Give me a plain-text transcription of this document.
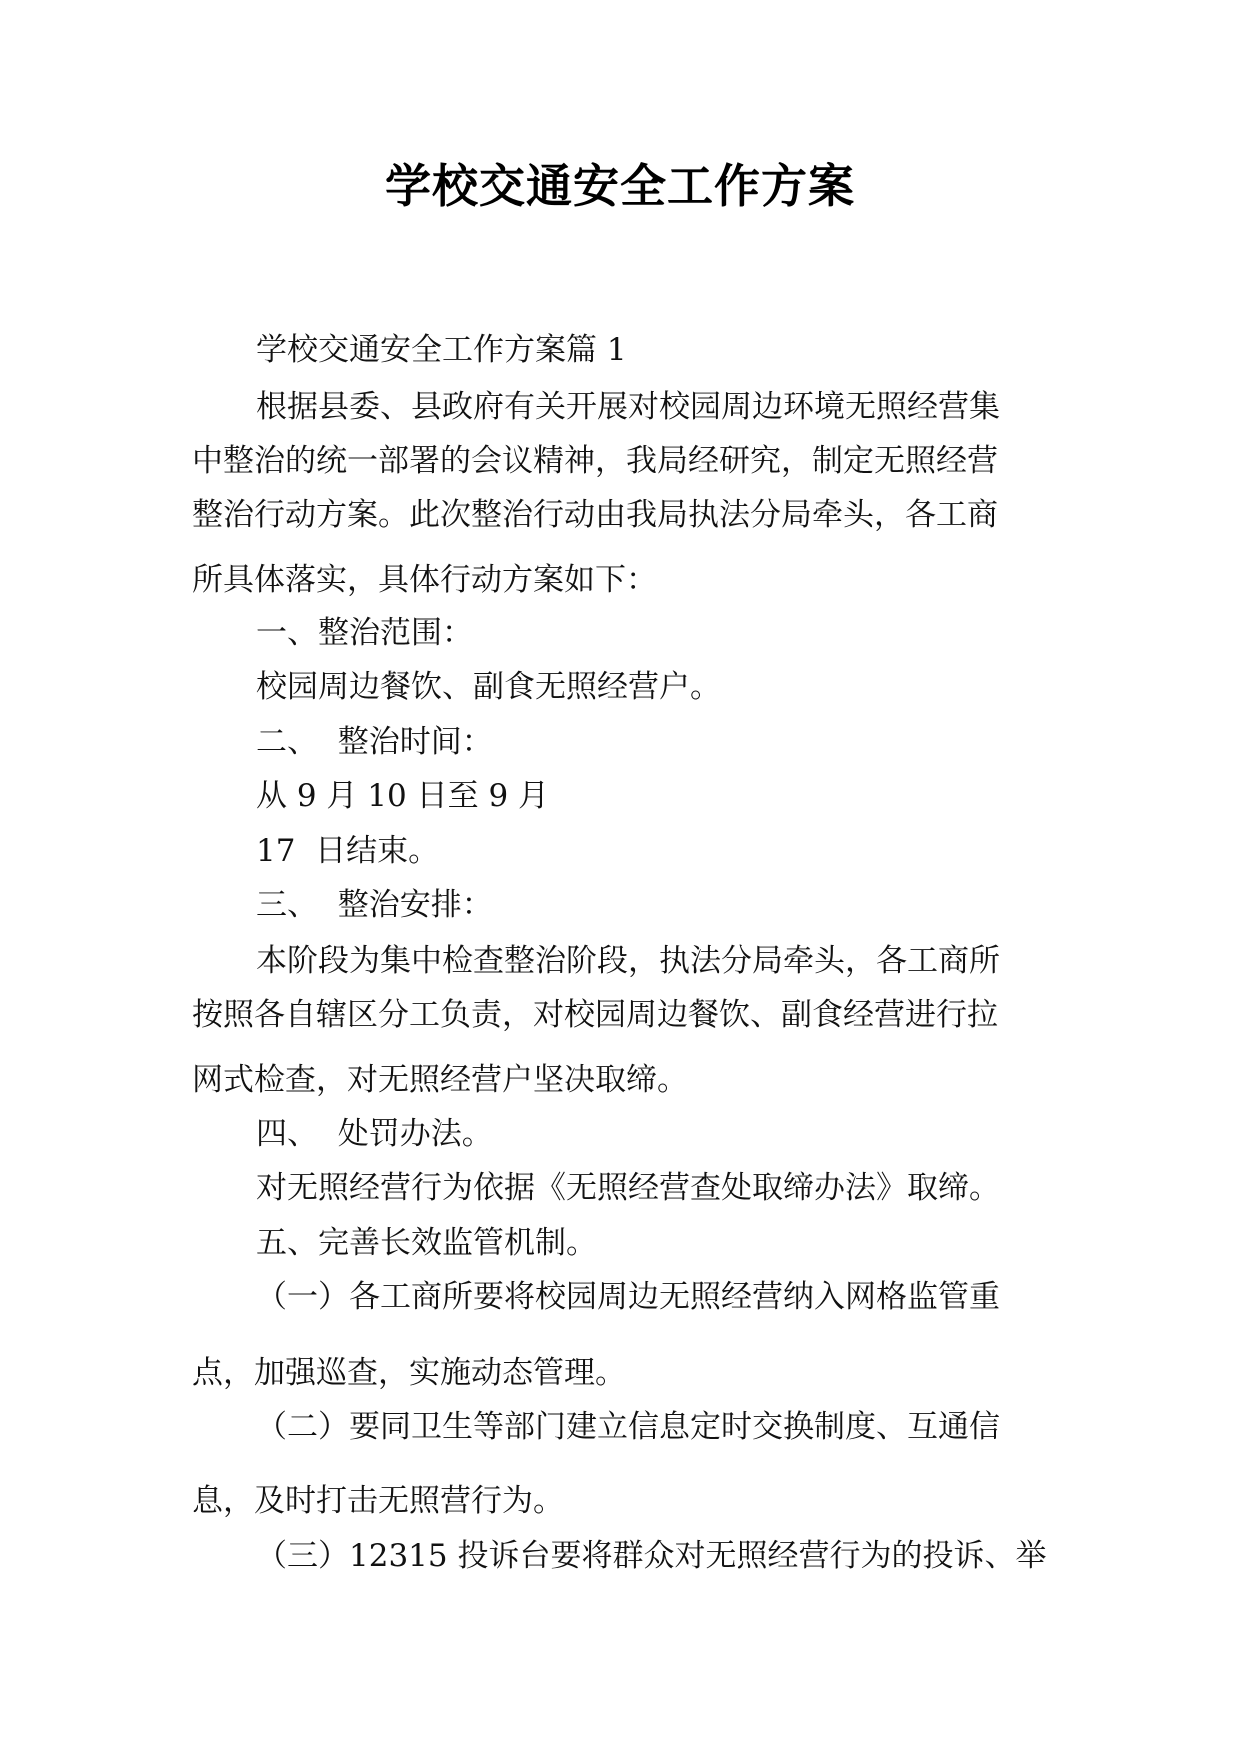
学校交通安全工作方案
学校交通安全工作方案篇 1
根据县委、县政府有关开展对校园周边环境无照经营集
中整治的统一部署的会议精神，我局经研究，制定无照经营
整治行动方案。此次整治行动由我局执法分局牵头，各工商
所具体落实，具体行动方案如下：
一、整治范围：
校园周边餐饮、副食无照经营户。
二、  整治时间：
从 9 月 10 日至 9 月
17  日结束。
三、  整治安排：
本阶段为集中检查整治阶段，执法分局牵头，各工商所
按照各自辖区分工负责，对校园周边餐饮、副食经营进行拉
网式检查，对无照经营户坚决取缔。
四、  处罚办法。
对无照经营行为依据《无照经营查处取缔办法》取缔。
五、完善长效监管机制。
（一）各工商所要将校园周边无照经营纳入网格监管重
点，加强巡查，实施动态管理。
（二）要同卫生等部门建立信息定时交换制度、互通信
息，及时打击无照营行为。
（三）12315 投诉台要将群众对无照经营行为的投诉、举
